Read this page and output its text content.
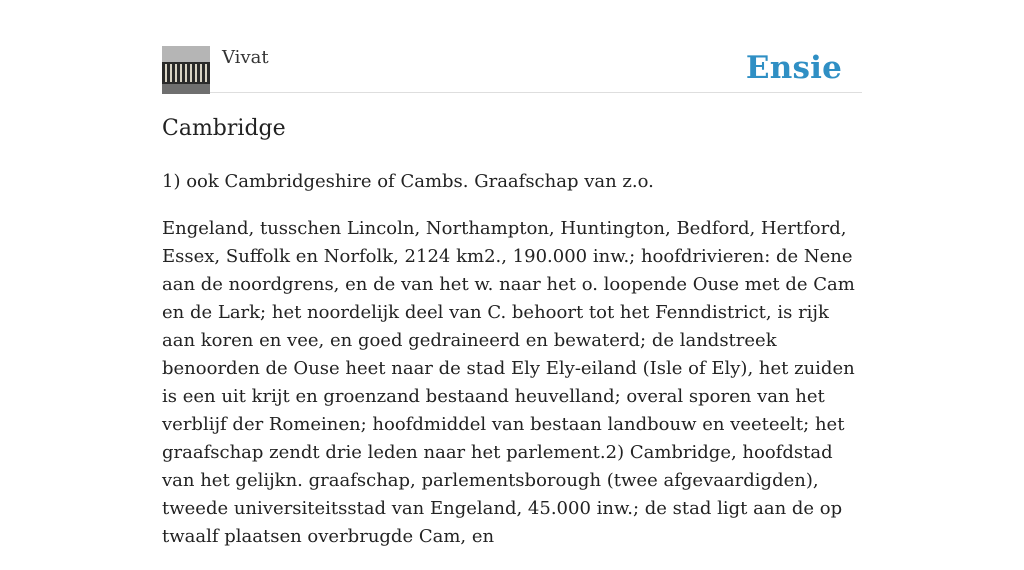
Vivat	Ensie
Cambridge

1) ook Cambridgeshire of Cambs. Graafschap van z.o.

Engeland, tusschen Lincoln, Northampton, Huntington, Bedford, Hertford, Essex, Suffolk en Norfolk, 2124 km2., 190.000 inw.; hoofdrivieren: de Nene aan de noordgrens, en de van het w. naar het o. loopende Ouse met de Cam en de Lark; het noordelijk deel van C. behoort tot het Fenndistrict, is rijk aan koren en vee, en goed gedraineerd en bewaterd; de landstreek benoorden de Ouse heet naar de stad Ely Ely-eiland (Isle of Ely), het zuiden is een uit krijt en groenzand bestaand heuvelland; overal sporen van het verblijf der Romeinen; hoofdmiddel van bestaan landbouw en veeteelt; het graafschap zendt drie leden naar het parlement.2) Cambridge, hoofdstad van het gelijkn. graafschap, parlementsborough (twee afgevaardigden), tweede universiteitsstad van Engeland, 45.000 inw.; de stad ligt aan de op twaalf plaatsen overbrugde Cam, en
